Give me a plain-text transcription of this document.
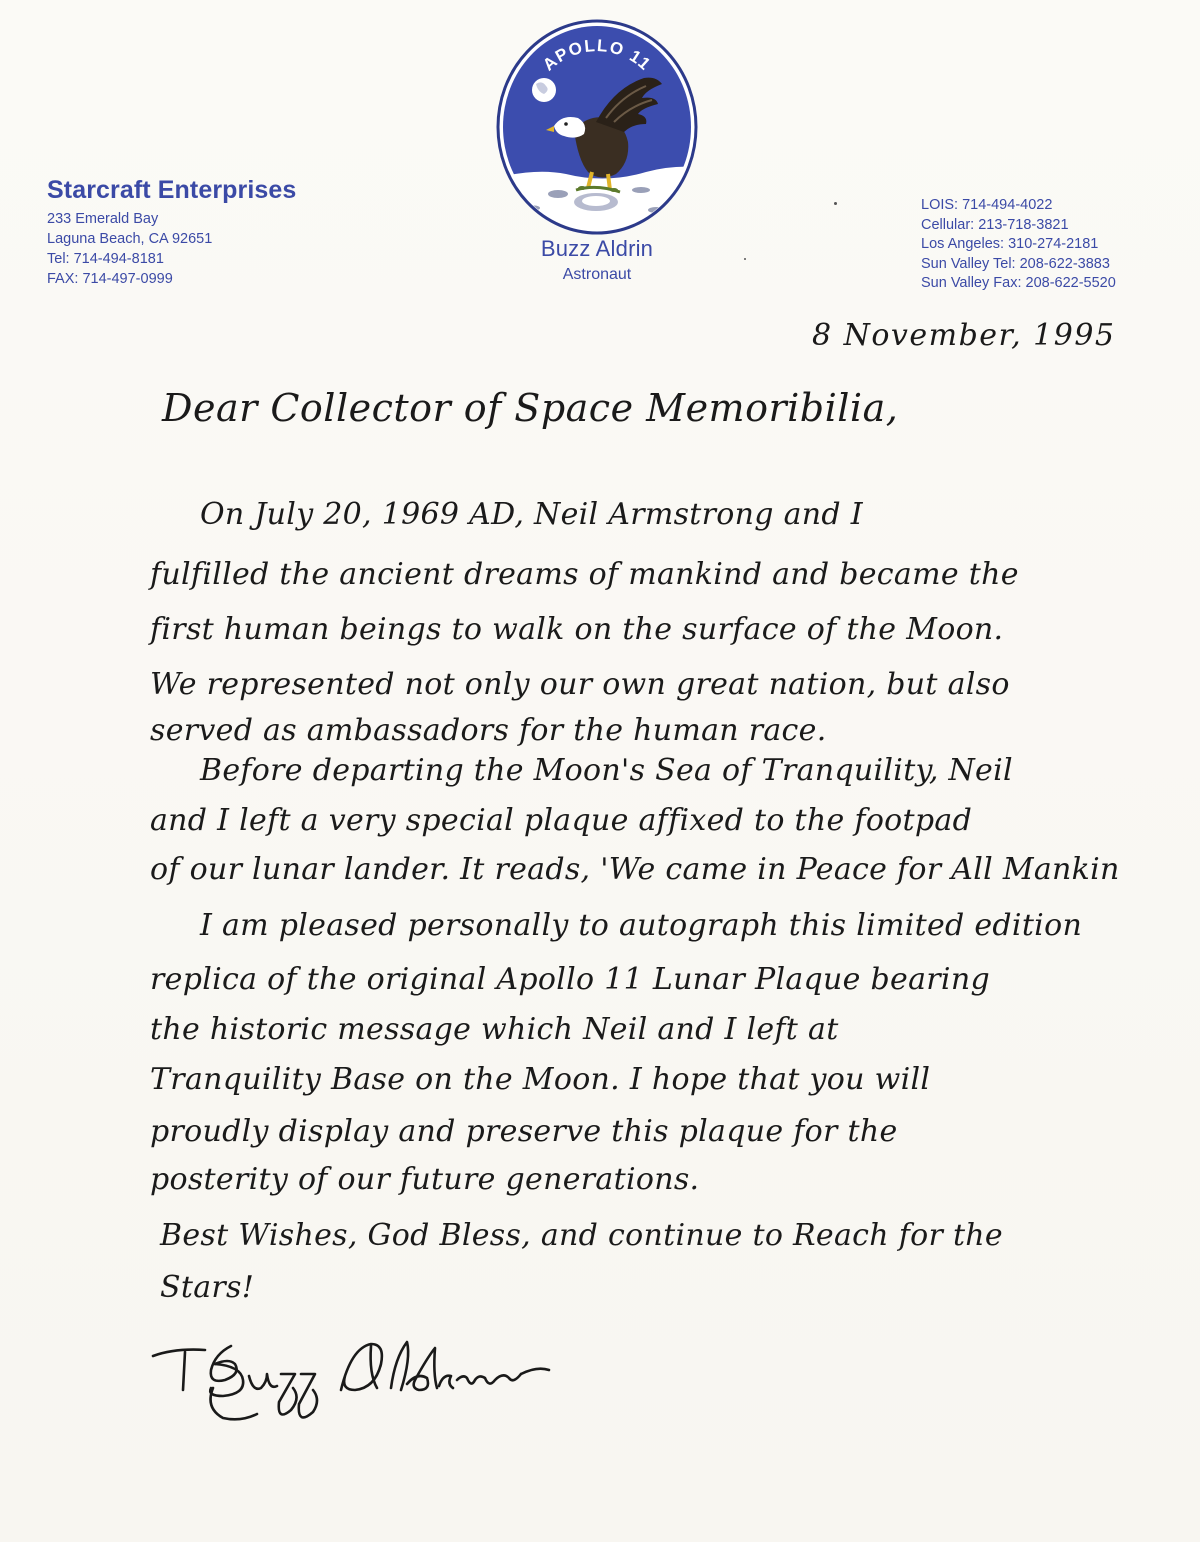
Starcraft Enterprises
233 Emerald Bay
Laguna Beach, CA 92651
Tel: 714-494-8181
FAX: 714-497-0999
APOLLO 11
Buzz Aldrin
Astronaut
LOIS: 714-494-4022
Cellular: 213-718-3821
Los Angeles: 310-274-2181
Sun Valley Tel: 208-622-3883
Sun Valley Fax: 208-622-5520
8 November, 1995
Dear Collector of Space Memoribilia,
On July 20, 1969 AD, Neil Armstrong and I
fulfilled the ancient dreams of mankind and became the
first human beings to walk on the surface of the Moon.
We represented not only our own great nation, but also
served as ambassadors for the human race.
Before departing the Moon's Sea of Tranquility, Neil
and I left a very special plaque affixed to the footpad
of our lunar lander. It reads, 'We came in Peace for All Mankin
I am pleased personally to autograph this limited edition
replica of the original Apollo 11 Lunar Plaque bearing
the historic message which Neil and I left at
Tranquility Base on the Moon. I hope that you will
proudly display and preserve this plaque for the
posterity of our future generations.
Best Wishes, God Bless, and continue to Reach for the
Stars!
